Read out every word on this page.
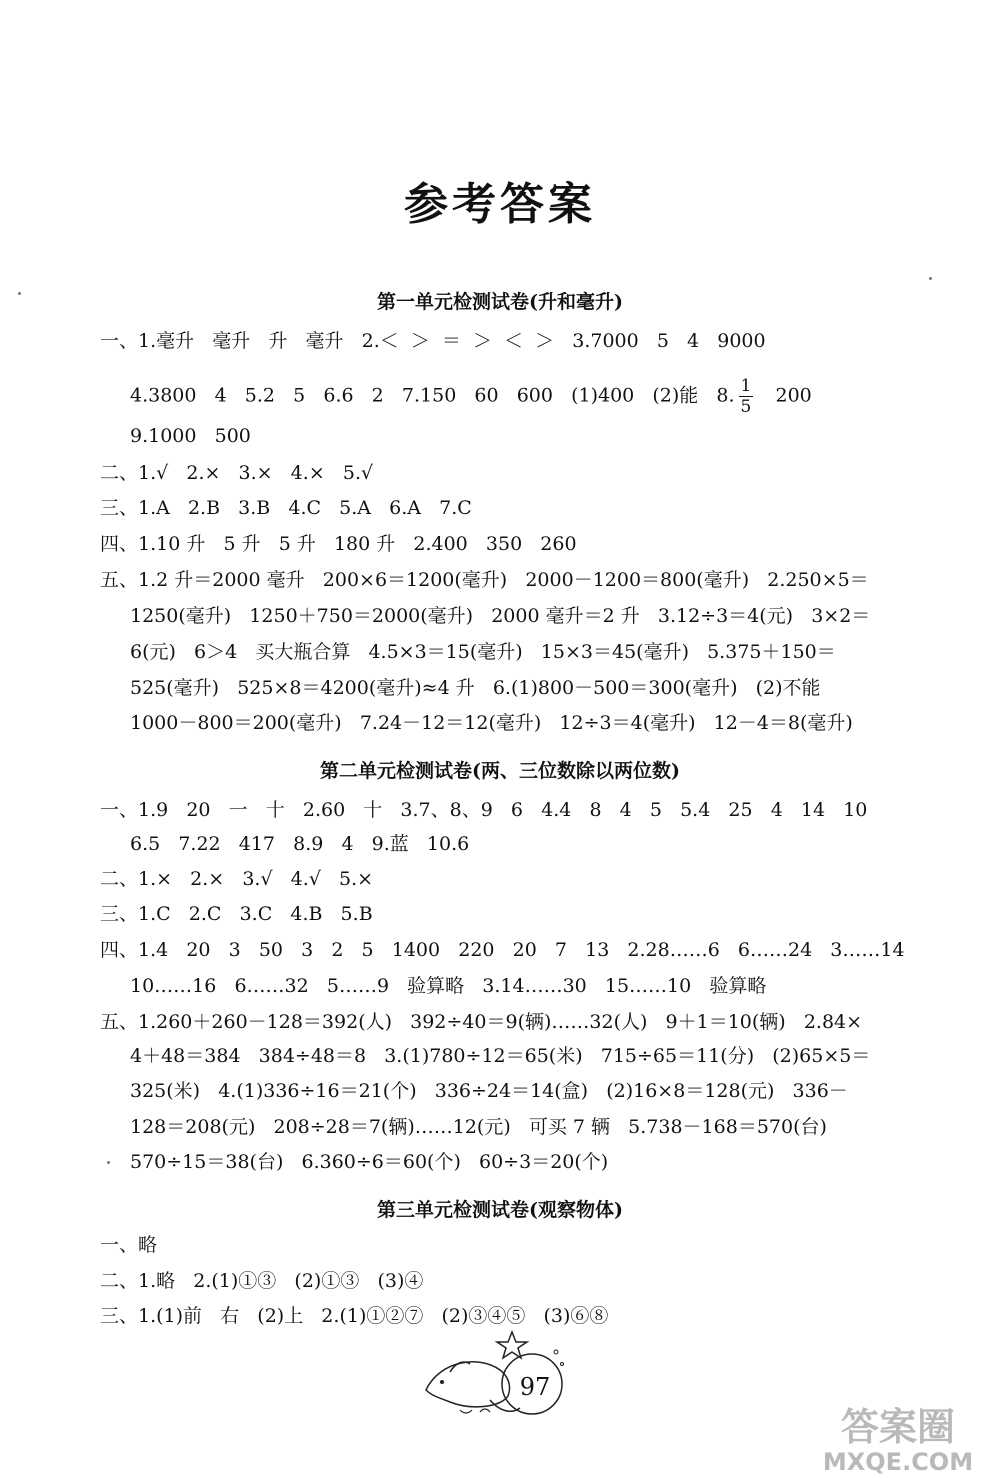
参考答案
第一单元检测试卷(升和毫升)
一、1.毫升   毫升   升   毫升   2.＜  ＞  ＝  ＞  ＜  ＞   3.7000   5   4   9000
4.3800   4   5.2   5   6.6   2   7.150   60   600   (1)400   (2)能   8. $\frac{1}{5} 200$
9.1000   500
二、1.√   2.×   3.×   4.×   5.√
三、1.A   2.B   3.B   4.C   5.A   6.A   7.C
四、1.10 升   5 升   5 升   180 升   2.400   350   260
五、1.2 升＝2000 毫升   200×6＝1200(毫升)   2000－1200＝800(毫升)   2.250×5＝
1250(毫升)   1250＋750＝2000(毫升)   2000 毫升＝2 升   3.12÷3＝4(元)   3×2＝
6(元)   6＞4   买大瓶合算   4.5×3＝15(毫升)   15×3＝45(毫升)   5.375＋150＝
525(毫升)   525×8＝4200(毫升)≈4 升   6.(1)800－500＝300(毫升)   (2)不能
1000－800＝200(毫升)   7.24－12＝12(毫升)   12÷3＝4(毫升)   12－4＝8(毫升)
第二单元检测试卷(两、三位数除以两位数)
一、1.9   20   一   十   2.60   十   3.7、8、9   6   4.4   8   4   5   5.4   25   4   14   10
6.5   7.22   417   8.9   4   9.蓝   10.6
二、1.×   2.×   3.√   4.√   5.×
三、1.C   2.C   3.C   4.B   5.B
四、1.4   20   3   50   3   2   5   1400   220   20   7   13   2.28……6   6……24   3……14
10……16   6……32   5……9   验算略   3.14……30   15……10   验算略
五、1.260＋260－128＝392(人)   392÷40＝9(辆)……32(人)   9＋1＝10(辆)   2.84×
4＋48＝384   384÷48＝8   3.(1)780÷12＝65(米)   715÷65＝11(分)   (2)65×5＝
325(米)   4.(1)336÷16＝21(个)   336÷24＝14(盒)   (2)16×8＝128(元)   336－
128＝208(元)   208÷28＝7(辆)……12(元)   可买 7 辆   5.738－168＝570(台)
570÷15＝38(台)   6.360÷6＝60(个)   60÷3＝20(个)
第三单元检测试卷(观察物体)
一、略
二、1.略   2.(1)①③   (2)①③   (3)④
三、1.(1)前   右   (2)上   2.(1)①②⑦   (2)③④⑤   (3)⑥⑧
97
答案圈
MXQE.COM
